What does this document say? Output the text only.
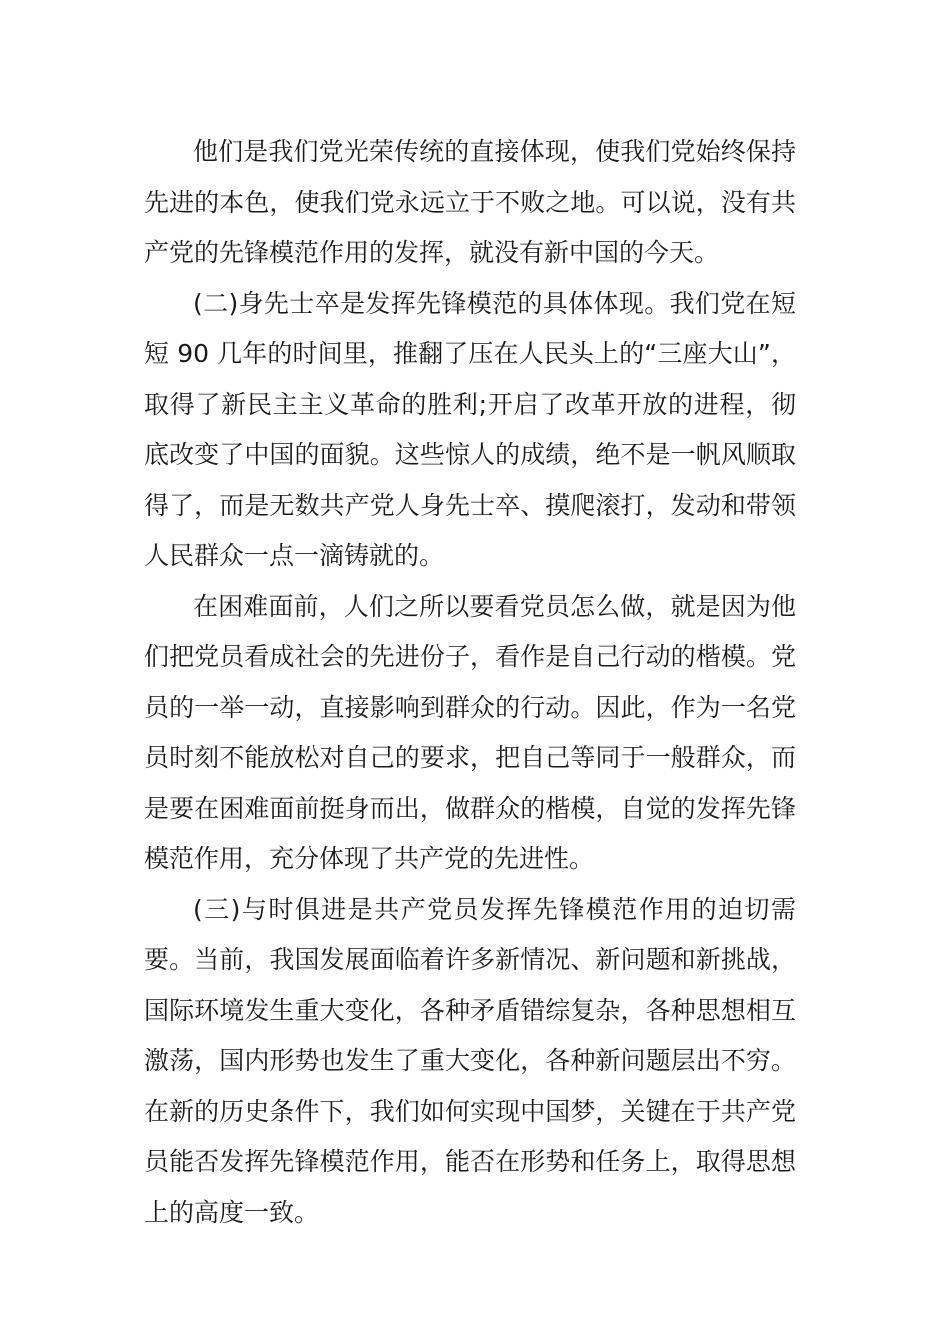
他们是我们党光荣传统的直接体现，使我们党始终保持先进的本色，使我们党永远立于不败之地。可以说，没有共产党的先锋模范作用的发挥，就没有新中国的今天。

(二)身先士卒是发挥先锋模范的具体体现。我们党在短短 90 几年的时间里，推翻了压在人民头上的“三座大山”，取得了新民主主义革命的胜利;开启了改革开放的进程，彻底改变了中国的面貌。这些惊人的成绩，绝不是一帆风顺取得了，而是无数共产党人身先士卒、摸爬滚打，发动和带领人民群众一点一滴铸就的。

在困难面前，人们之所以要看党员怎么做，就是因为他们把党员看成社会的先进份子，看作是自己行动的楷模。党员的一举一动，直接影响到群众的行动。因此，作为一名党员时刻不能放松对自己的要求，把自己等同于一般群众，而是要在困难面前挺身而出，做群众的楷模，自觉的发挥先锋模范作用，充分体现了共产党的先进性。

(三)与时俱进是共产党员发挥先锋模范作用的迫切需要。当前，我国发展面临着许多新情况、新问题和新挑战，国际环境发生重大变化，各种矛盾错综复杂，各种思想相互激荡，国内形势也发生了重大变化，各种新问题层出不穷。在新的历史条件下，我们如何实现中国梦，关键在于共产党员能否发挥先锋模范作用，能否在形势和任务上，取得思想上的高度一致。
